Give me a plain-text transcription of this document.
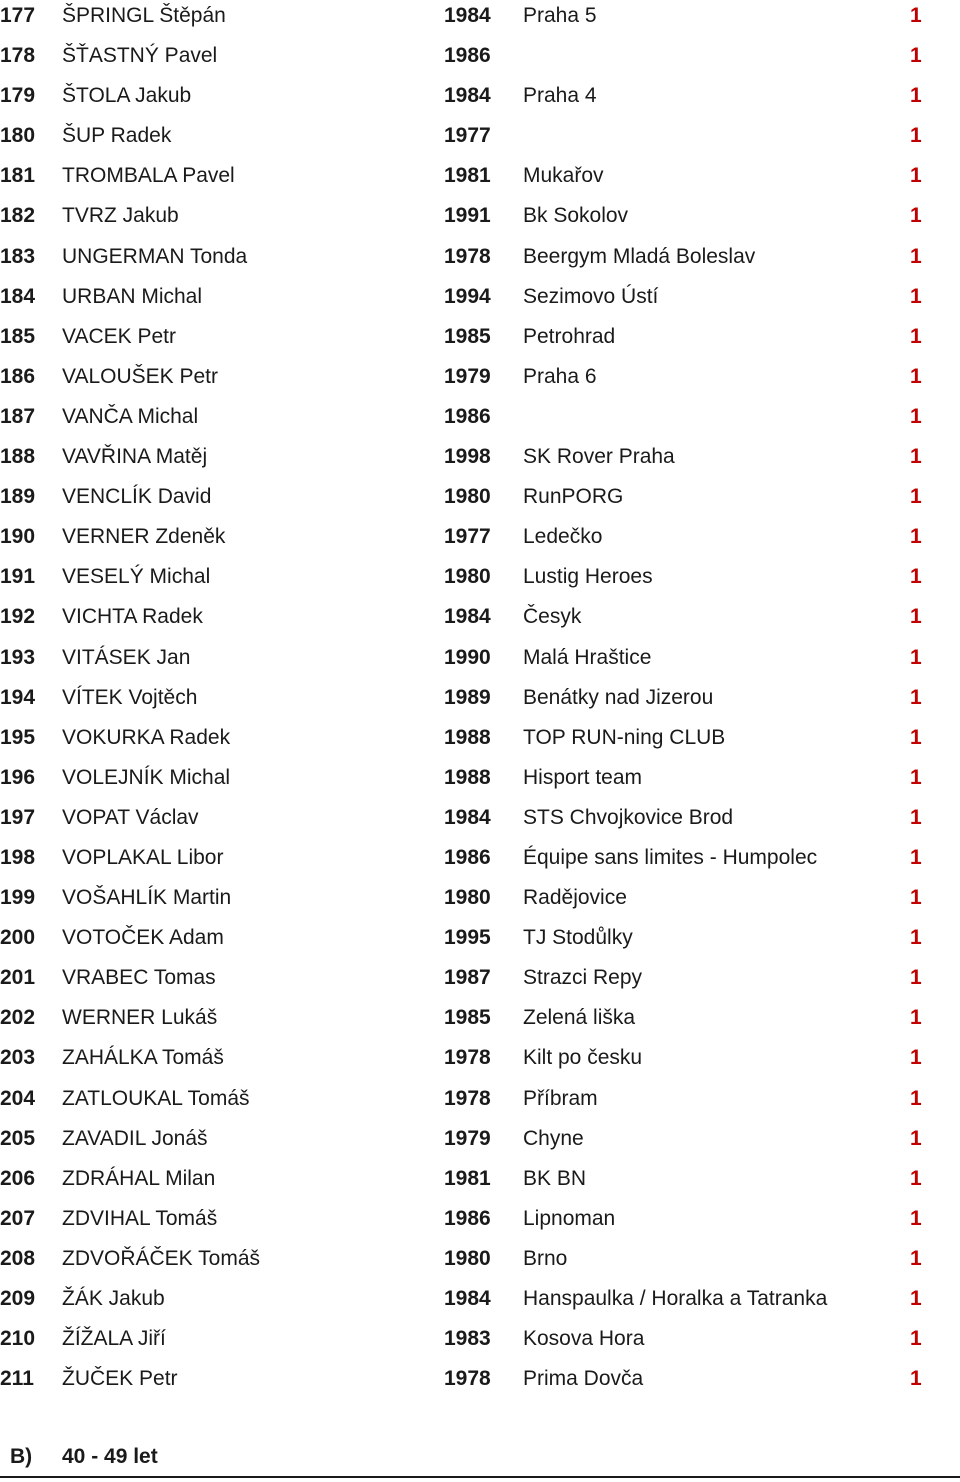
177 ŠPRINGL Štěpán	1984 Praha 5	1
178 ŠŤASTNÝ Pavel	1986	1
179 ŠTOLA Jakub	1984 Praha 4	1
180 ŠUP Radek	1977	1
181 TROMBALA Pavel	1981 Mukařov	1
182 TVRZ Jakub	1991 Bk Sokolov	1
183 UNGERMAN Tonda	1978 Beergym Mladá Boleslav	1
184 URBAN Michal	1994 Sezimovo Ústí	1
185 VACEK Petr	1985 Petrohrad	1
186 VALOUŠEK Petr	1979 Praha 6	1
187 VANČA Michal	1986	1
188 VAVŘINA Matěj	1998 SK Rover Praha	1
189 VENCLÍK David	1980 RunPORG	1
190 VERNER Zdeněk	1977 Ledečko	1
191 VESELÝ Michal	1980 Lustig Heroes	1
192 VICHTA Radek	1984 Česyk	1
193 VITÁSEK Jan	1990 Malá Hraštice	1
194 VÍTEK Vojtěch	1989 Benátky nad Jizerou	1
195 VOKURKA Radek	1988 TOP RUN-ning CLUB	1
196 VOLEJNÍK Michal	1988 Hisport team	1
197 VOPAT Václav	1984 STS Chvojkovice Brod	1
198 VOPLAKAL Libor	1986 Équipe sans limites - Humpolec	1
199 VOŠAHLÍK Martin	1980 Radějovice	1
200 VOTOČEK Adam	1995 TJ Stodůlky	1
201 VRABEC Tomas	1987 Strazci Repy	1
202 WERNER Lukáš	1985 Zelená liška	1
203 ZAHÁLKA Tomáš	1978 Kilt po česku	1
204 ZATLOUKAL Tomáš	1978 Příbram	1
205 ZAVADIL Jonáš	1979 Chyne	1
206 ZDRÁHAL Milan	1981 BK BN	1
207 ZDVIHAL Tomáš	1986 Lipnoman	1
208 ZDVOŘÁČEK Tomáš	1980 Brno	1
209 ŽÁK Jakub	1984 Hanspaulka / Horalka a Tatranka	1
210 ŽÍŽALA Jiří	1983 Kosova Hora	1
211 ŽUČEK Petr	1978 Prima Dovča	1
B) 40 - 49 let
